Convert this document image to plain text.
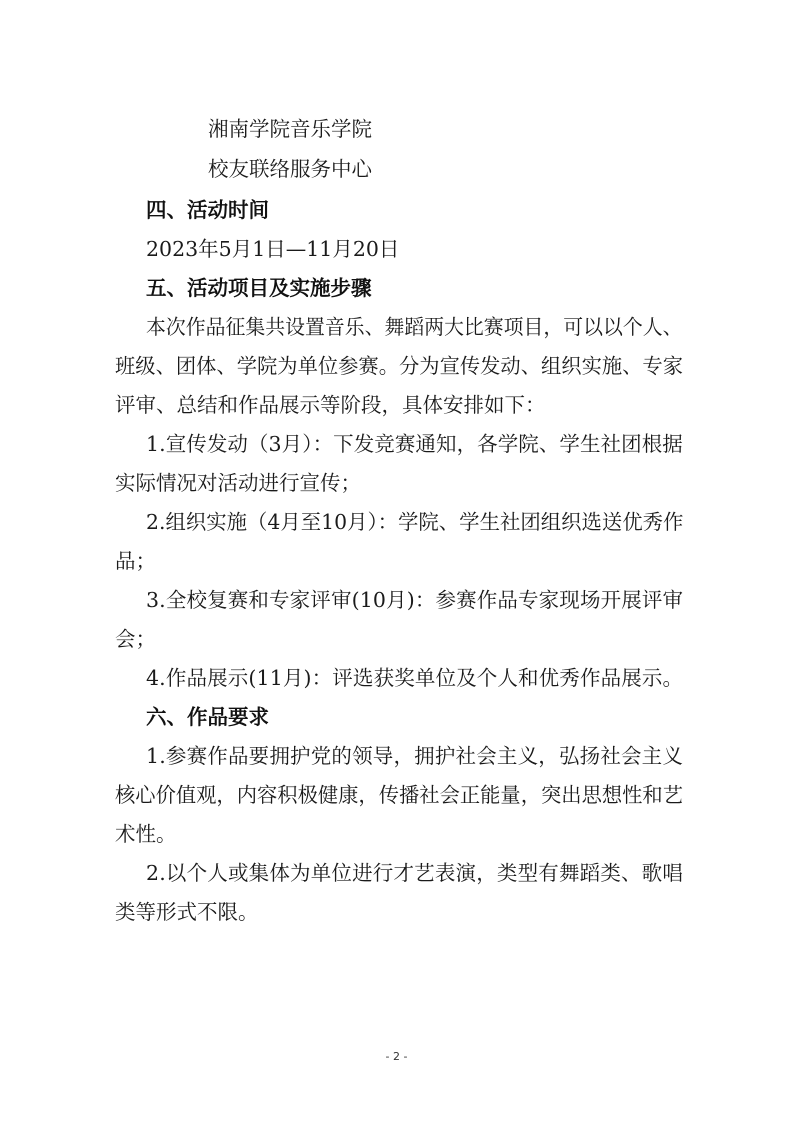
湘南学院音乐学院

校友联络服务中心

四、活动时间

2023年5月1日—11月20日

五、活动项目及实施步骤

本次作品征集共设置音乐、舞蹈两大比赛项目，可以以个人、

班级、团体、学院为单位参赛。分为宣传发动、组织实施、专家

评审、总结和作品展示等阶段，具体安排如下：

1.宣传发动（3月）：下发竞赛通知，各学院、学生社团根据

实际情况对活动进行宣传；

2.组织实施（4月至10月）：学院、学生社团组织选送优秀作

品；

3.全校复赛和专家评审(10月)：参赛作品专家现场开展评审

会；

4.作品展示(11月)：评选获奖单位及个人和优秀作品展示。

六、作品要求

1.参赛作品要拥护党的领导，拥护社会主义，弘扬社会主义

核心价值观，内容积极健康，传播社会正能量，突出思想性和艺

术性。

2.以个人或集体为单位进行才艺表演，类型有舞蹈类、歌唱

类等形式不限。

- 2 -
